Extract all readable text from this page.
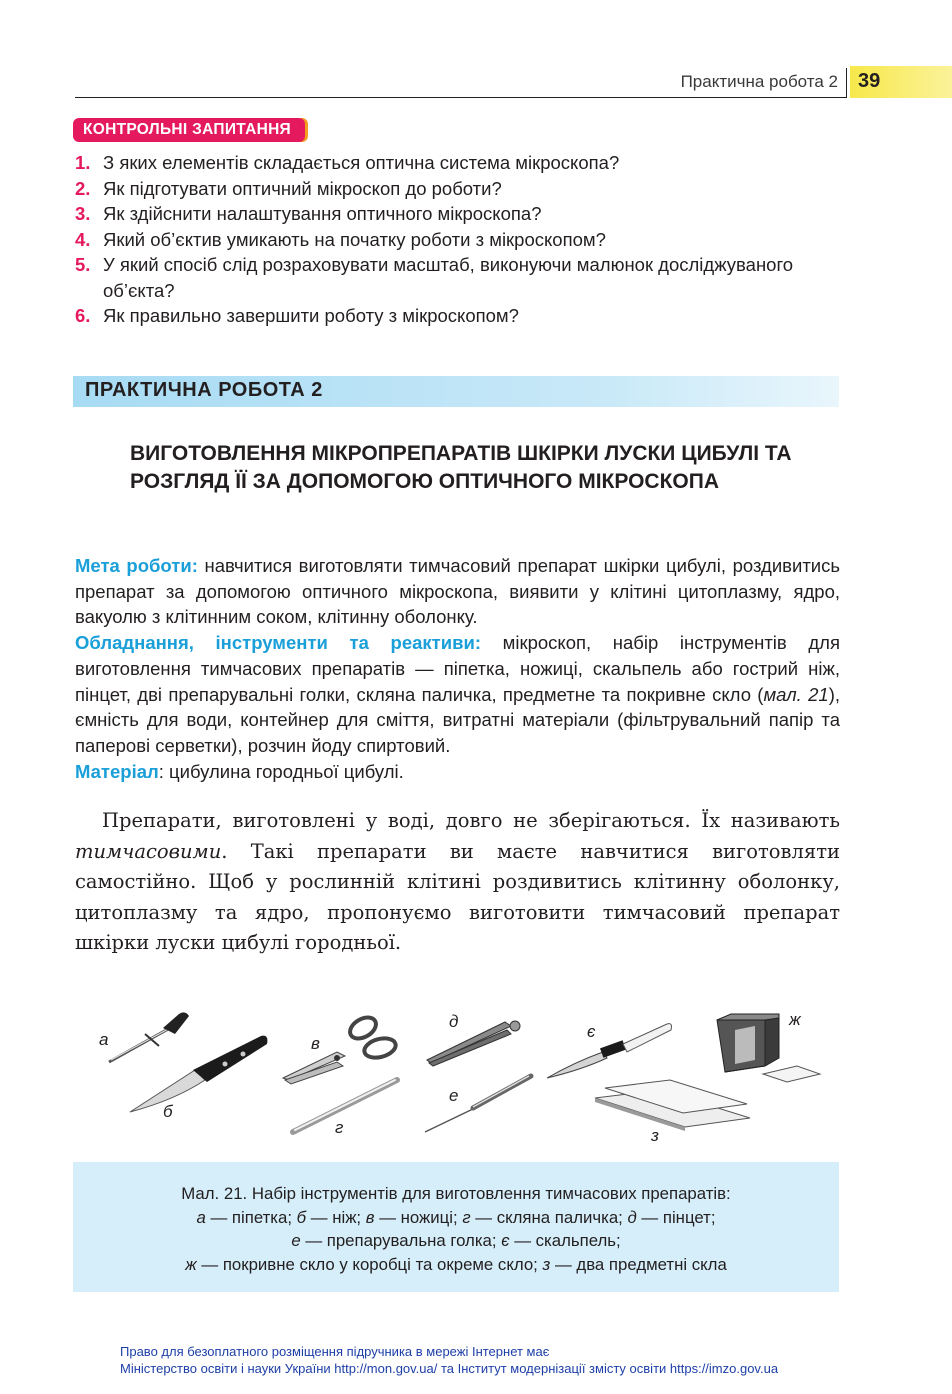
Практична робота 2 39
КОНТРОЛЬНІ ЗАПИТАННЯ
1. З яких елементів складається оптична система мікроскопа?
2. Як підготувати оптичний мікроскоп до роботи?
3. Як здійснити налаштування оптичного мікроскопа?
4. Який об’єктив умикають на початку роботи з мікроскопом?
5. У який спосіб слід розраховувати масштаб, виконуючи малюнок досліджуваного об’єкта?
6. Як правильно завершити роботу з мікроскопом?
ПРАКТИЧНА РОБОТА 2
ВИГОТОВЛЕННЯ МІКРОПРЕПАРАТІВ ШКІРКИ ЛУСКИ ЦИБУЛІ ТА РОЗГЛЯД ЇЇ ЗА ДОПОМОГОЮ ОПТИЧНОГО МІКРОСКОПА
Мета роботи: навчитися виготовляти тимчасовий препарат шкірки цибулі, роздивитись препарат за допомогою оптичного мікроскопа, виявити у клітині цитоплазму, ядро, вакуолю з клітинним соком, клітинну оболонку.
Обладнання, інструменти та реактиви: мікроскоп, набір інструментів для виготовлення тимчасових препаратів — піпетка, ножиці, скальпель або гострий ніж, пінцет, дві препарувальні голки, скляна паличка, предметне та покривне скло (мал. 21), ємність для води, контейнер для сміття, витратні матеріали (фільтрувальний папір та паперові серветки), розчин йоду спиртовий.
Матеріал: цибулина городньої цибулі.
Препарати, виготовлені у воді, довго не зберігаються. Їх називають тимчасовими. Такі препарати ви маєте навчитися виготовляти самостійно. Щоб у рослинній клітині роздивитись клітинну оболонку, цитоплазму та ядро, пропонуємо виготовити тимчасовий препарат шкірки луски цибулі городньої.
а
б
в
г
д
е
є
ж
з
Мал. 21. Набір інструментів для виготовлення тимчасових препаратів:
а — піпетка; б — ніж; в — ножиці; г — скляна паличка; д — пінцет;
е — препарувальна голка; є — скальпель;
ж — покривне скло у коробці та окреме скло; з — два предметні скла
Право для безоплатного розміщення підручника в мережі Інтернет має
Міністерство освіти і науки України http://mon.gov.ua/ та Інститут модернізації змісту освіти https://imzo.gov.ua
